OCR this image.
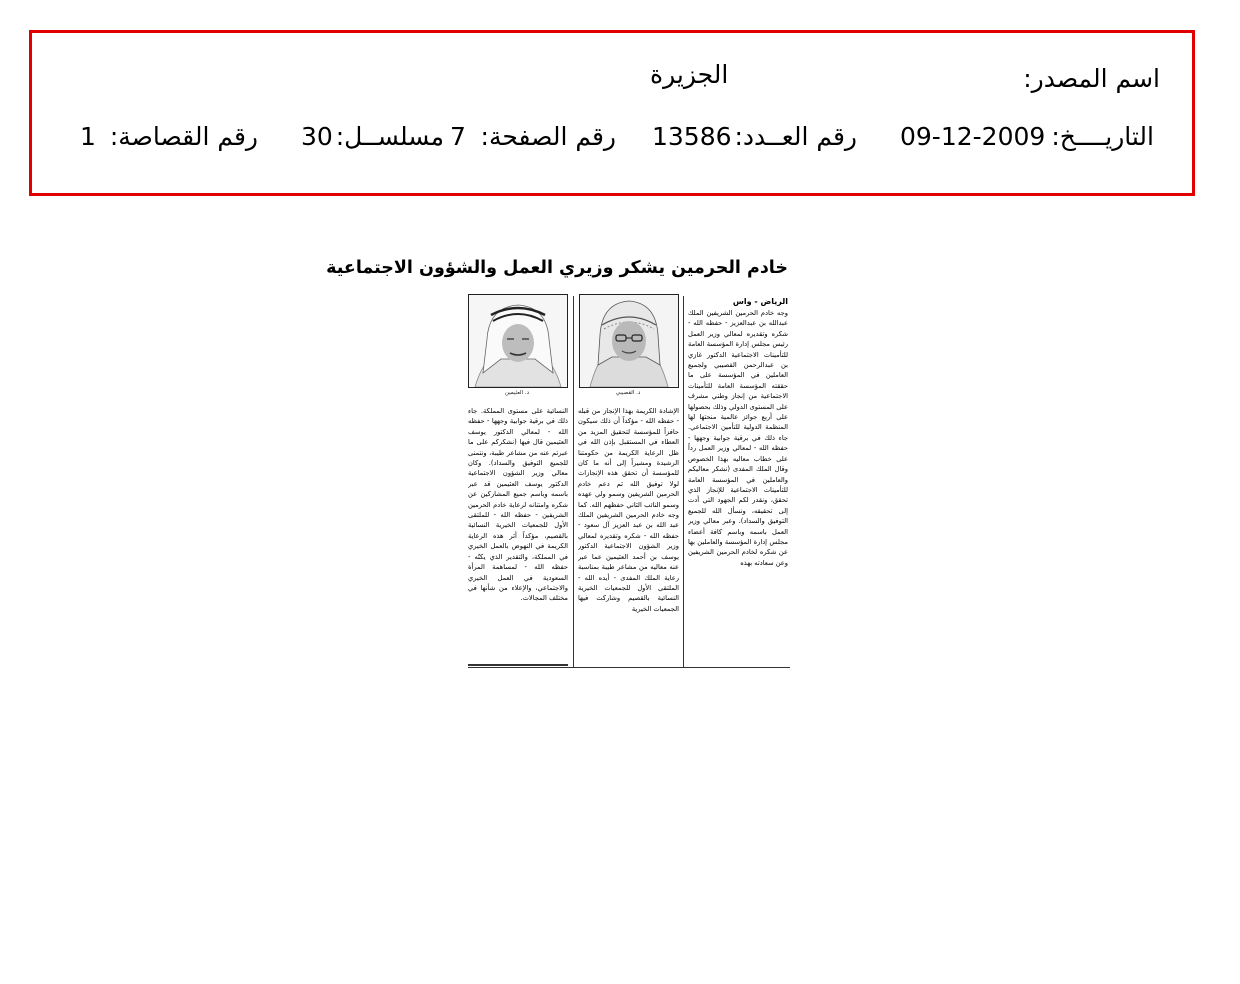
اسم المصدر:
الجزيرة
التاريــــخ:
09-12-2009
رقم العــدد:
13586
رقم الصفحة:
7
مسلســل:
30
رقم القصاصة:
1
خادم الحرمين يشكر وزيري العمل والشؤون الاجتماعية

الرياض - واس

وجه خادم الحرمين الشريفين الملك عبدالله بن عبدالعزيز - حفظه الله - شكره وتقديره لمعالي وزير العمل رئيس مجلس إدارة المؤسسة العامة للتأمينات الاجتماعية الدكتور غازي بن عبدالرحمن القصيبي ولجميع العاملين في المؤسسة على ما حققته المؤسسة العامة للتأمينات الاجتماعية من إنجاز وطني مشرف على المستوى الدولي وذلك بحصولها على أربع جوائز عالمية منحتها لها المنظمة الدولية للتأمين الاجتماعي. جاء ذلك في برقية جوابية وجهها - حفظه الله - لمعالي وزير العمل رداً على خطاب معاليه بهذا الخصوص وقال الملك المفدى (نشكر معاليكم والعاملين في المؤسسة العامة للتأمينات الاجتماعية للإنجاز الذي تحقق، ونقدر لكم الجهود التي أدت إلى تحقيقه، ونسأل الله للجميع التوفيق والسداد). وعبر معالي وزير العمل باسمه وباسم كافة أعضاء مجلس إدارة المؤسسة والعاملين بها عن شكره لخادم الحرمين الشريفين وعن سعادته بهذه

د. القصيبي

الإشادة الكريمة بهذا الإنجاز من قبله - حفظه الله - مؤكداً أن ذلك سيكون حافزاً للمؤسسة لتحقيق المزيد من العطاء في المستقبل بإذن الله في ظل الرعاية الكريمة من حكومتنا الرشيدة ومشيراً إلى أنه ما كان للمؤسسة أن تحقق هذه الإنجازات لولا توفيق الله ثم دعم خادم الحرمين الشريفين وسمو ولي عهده وسمو النائب الثاني حفظهم الله. كما وجه خادم الحرمين الشريفين الملك عبد الله بن عبد العزيز آل سعود - حفظه الله - شكره وتقديره لمعالي وزير الشؤون الاجتماعية الدكتور يوسف بن أحمد العثيمين عما عبر عنه معاليه من مشاعر طيبة بمناسبة رعاية الملك المفدى - أيده الله - الملتقى الأول للجمعيات الخيرية النسائية بالقصيم وشاركت فيها الجمعيات الخيرية

د. العثيمين

النسائية على مستوى المملكة. جاء ذلك في برقية جوابية وجهها - حفظه الله - لمعالي الدكتور يوسف العثيمين قال فيها (نشكركم على ما عبرتم عنه من مشاعر طيبة، ونتمنى للجميع التوفيق والسداد). وكان معالي وزير الشؤون الاجتماعية الدكتور يوسف العثيمين قد عبر باسمه وباسم جميع المشاركين عن شكره وامتنانه لرعاية خادم الحرمين الشريفين - حفظه الله - للملتقى الأول للجمعيات الخيرية النسائية بالقصيم، مؤكداً أثر هذه الرعاية الكريمة في النهوض بالعمل الخيري في المملكة، والتقدير الذي يكنّه - حفظه الله - لمساهمة المرأة السعودية في العمل الخيري والاجتماعي، والإعلاء من شأنها في مختلف المجالات.
